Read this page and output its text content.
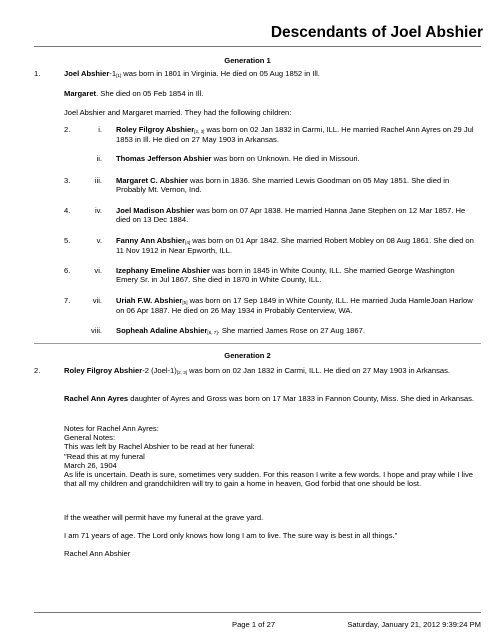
Descendants of Joel Abshier
Generation 1
1.	Joel Abshier-$1_{[1]}$ was born in 1801 in Virginia. He died on 05 Aug 1852 in Ill.
Margaret. She died on 05 Feb 1854 in Ill.
Joel Abshier and Margaret married. They had the following children:
2.	i. Roley Filgroy Abshier$_{[2, 3]}$ was born on 02 Jan 1832 in Carmi, ILL. He married Rachel Ann Ayres on 29 Jul 1853 in Ill. He died on 27 May 1903 in Arkansas.
ii. Thomas Jefferson Abshier was born on Unknown. He died in Missouri.
3.	iii. Margaret C. Abshier was born in 1836. She married Lewis Goodman on 05 May 1851. She died in Probably Mt. Vernon, Ind.
4.	iv. Joel Madison Abshier was born on 07 Apr 1838. He married Hanna Jane Stephen on 12 Mar 1857. He died on 13 Dec 1884.
5.	v. Fanny Ann Abshier$_{[4]}$ was born on 01 Apr 1842. She married Robert Mobley on 08 Aug 1861. She died on 11 Nov 1912 in Near Epworth, ILL.
6.	vi. Izephany Emeline Abshier was born in 1845 in White County, ILL. She married George Washington Emery Sr. in Jul 1867. She died in 1870 in White County, ILL.
7.	vii. Uriah F.W. Abshier$_{[5]}$ was born on 17 Sep 1849 in White County, ILL. He married Juda HamleJoan Harlow on 06 Apr 1887. He died on 26 May 1934 in Probably Centerview, WA.
viii. Sopheah Adaline Abshier$_{[6, 7]}$. She married James Rose on 27 Aug 1867.
Generation 2
2.	Roley Filgroy Abshier-2 $(Joel-1)_{[2, 3]}$ was born on 02 Jan 1832 in Carmi, ILL. He died on 27 May 1903 in Arkansas.
Rachel Ann Ayres daughter of Ayres and Gross was born on 17 Mar 1833 in Fannon County, Miss. She died in Arkansas.
Notes for Rachel Ann Ayres:
General Notes:
This was left by Rachel Abshier to be read at her funeral:
"Read this at my funeral
March 26, 1904
As life is uncertain. Death is sure, sometimes very sudden. For this reason I write a few words. I hope and pray while I live that all my children and grandchildren will try to gain a home in heaven, God forbid that one should be lost.
If the weather will permit have my funeral at the grave yard.
I am 71 years of age. The Lord only knows how long I am to live. The sure way is best in all things."
Rachel Ann Abshier
Page 1 of 27	Saturday, January 21, 2012 9:39:24 PM
